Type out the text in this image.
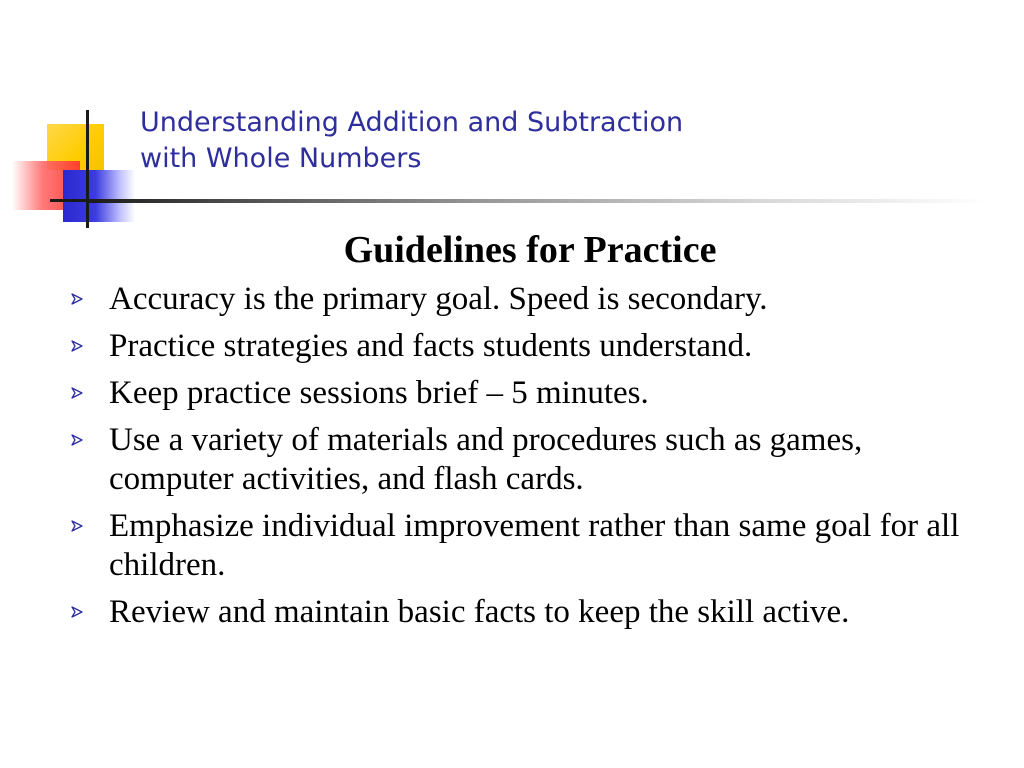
Understanding Addition and Subtraction
with Whole Numbers
Guidelines for Practice
Accuracy is the primary goal. Speed is secondary.
Practice strategies and facts students understand.
Keep practice sessions brief – 5 minutes.
Use a variety of materials and procedures such as games, computer activities, and flash cards.
Emphasize individual improvement rather than same goal for all children.
Review and maintain basic facts to keep the skill active.
